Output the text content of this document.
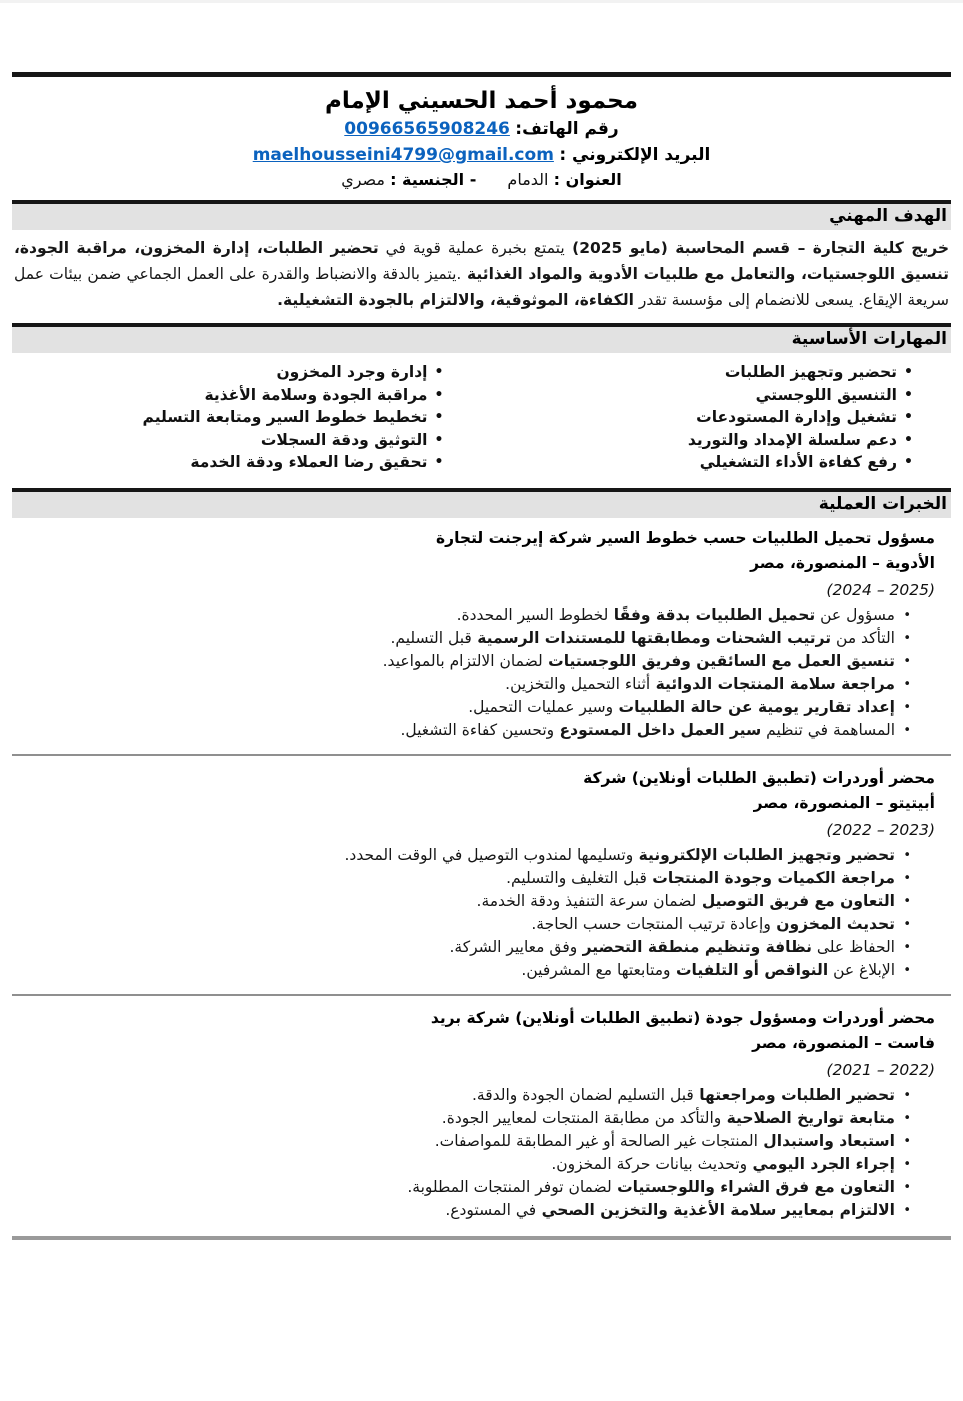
محمود أحمد الحسيني الإمام
رقم الهاتف: 00966565908246
البريد الإلكتروني : maelhousseini4799@gmail.com
العنوان : الدمام - الجنسية : مصري
الهدف المهني

خريج كلية التجارة – قسم المحاسبة (مايو 2025) يتمتع بخبرة عملية قوية في تحضير الطلبات، إدارة المخزون، مراقبة الجودة، تنسيق اللوجستيات، والتعامل مع طلبيات الأدوية والمواد الغذائية .يتميز بالدقة والانضباط والقدرة على العمل الجماعي ضمن بيئات عمل سريعة الإيقاع. يسعى للانضمام إلى مؤسسة تقدر الكفاءة، الموثوقية، والالتزام بالجودة التشغيلية.

المهارات الأساسية
• تحضير وتجهيز الطلبات
• التنسيق اللوجستي
• تشغيل وإدارة المستودعات
• دعم سلسلة الإمداد والتوريد
• رفع كفاءة الأداء التشغيلي
• إدارة وجرد المخزون
• مراقبة الجودة وسلامة الأغذية
• تخطيط خطوط السير ومتابعة التسليم
• التوثيق ودقة السجلات
• تحقيق رضا العملاء ودقة الخدمة
الخبرات العملية
مسؤول تحميل الطلبيات حسب خطوط السير شركة إيرجنت لتجارة
الأدوية – المنصورة، مصر
(2024 – 2025)
• مسؤول عن تحميل الطلبيات بدقة وفقًا لخطوط السير المحددة.
• التأكد من ترتيب الشحنات ومطابقتها للمستندات الرسمية قبل التسليم.
• تنسيق العمل مع السائقين وفريق اللوجستيات لضمان الالتزام بالمواعيد.
• مراجعة سلامة المنتجات الدوائية أثناء التحميل والتخزين.
• إعداد تقارير يومية عن حالة الطلبيات وسير عمليات التحميل.
• المساهمة في تنظيم سير العمل داخل المستودع وتحسين كفاءة التشغيل.
محضر أوردرات (تطبيق الطلبات أونلاين) شركة
أبيتيتو – المنصورة، مصر
(2022 – 2023)
• تحضير وتجهيز الطلبات الإلكترونية وتسليمها لمندوب التوصيل في الوقت المحدد.
• مراجعة الكميات وجودة المنتجات قبل التغليف والتسليم.
• التعاون مع فريق التوصيل لضمان سرعة التنفيذ ودقة الخدمة.
• تحديث المخزون وإعادة ترتيب المنتجات حسب الحاجة.
• الحفاظ على نظافة وتنظيم منطقة التحضير وفق معايير الشركة.
• الإبلاغ عن النواقص أو التلفيات ومتابعتها مع المشرفين.
محضر أوردرات ومسؤول جودة (تطبيق الطلبات أونلاين) شركة بريد
فاست – المنصورة، مصر
(2021 – 2022)
• تحضير الطلبات ومراجعتها قبل التسليم لضمان الجودة والدقة.
• متابعة تواريخ الصلاحية والتأكد من مطابقة المنتجات لمعايير الجودة.
• استبعاد واستبدال المنتجات غير الصالحة أو غير المطابقة للمواصفات.
• إجراء الجرد اليومي وتحديث بيانات حركة المخزون.
• التعاون مع فرق الشراء واللوجستيات لضمان توفر المنتجات المطلوبة.
• الالتزام بمعايير سلامة الأغذية والتخزين الصحي في المستودع.
